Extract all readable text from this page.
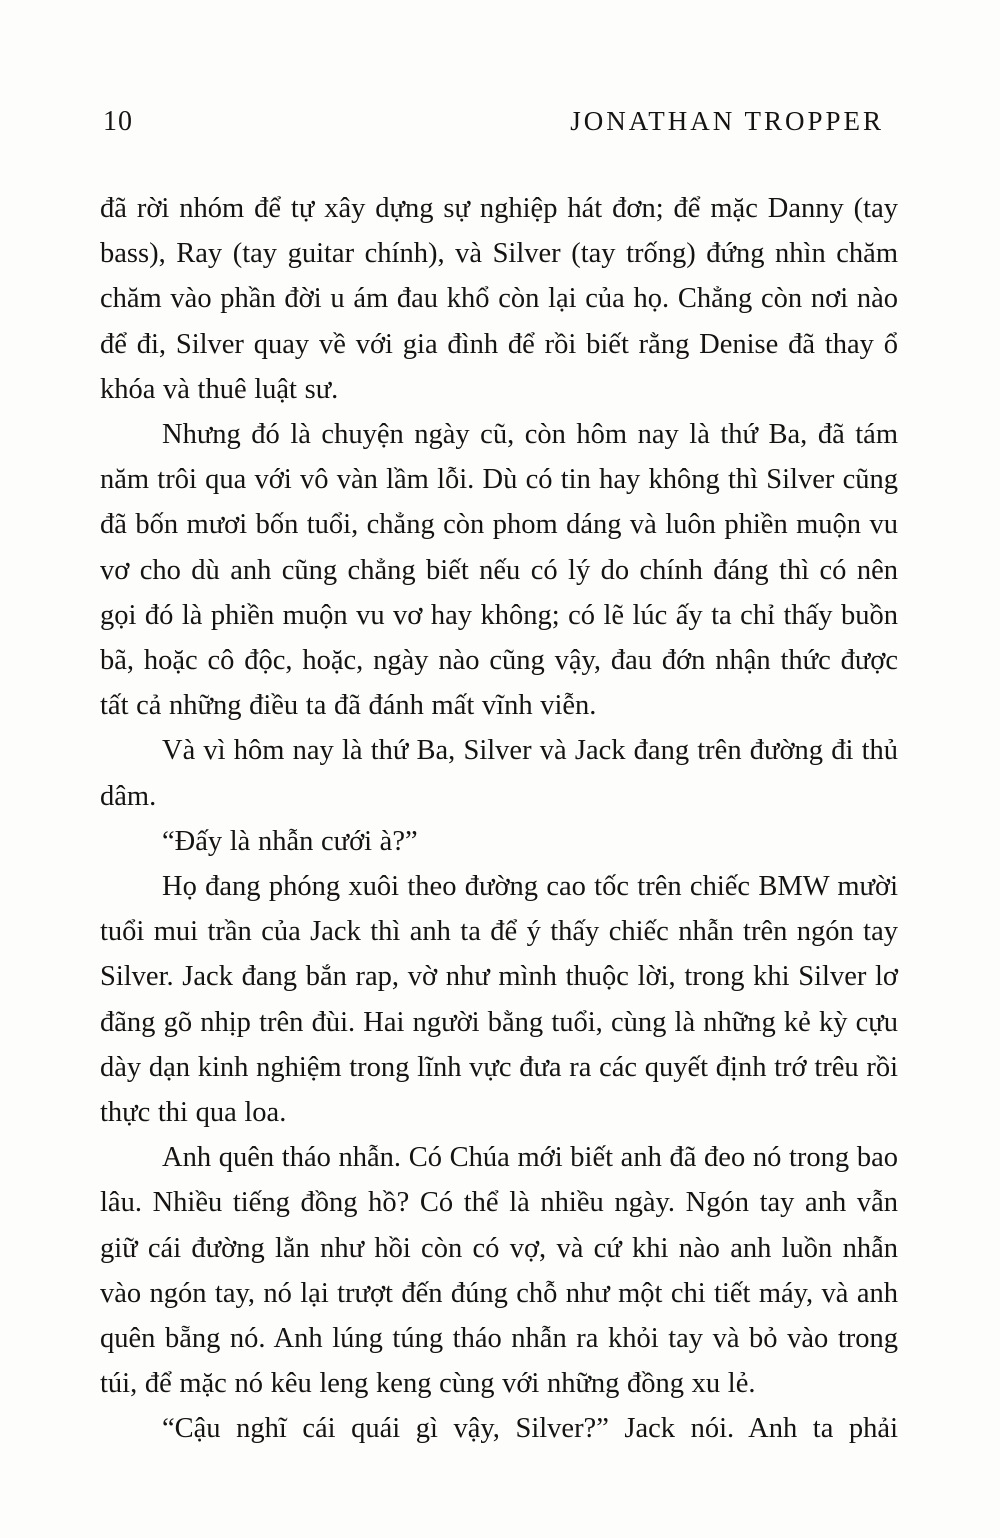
10	JONATHAN TROPPER

đã rời nhóm để tự xây dựng sự nghiệp hát đơn; để mặc Danny (tay bass), Ray (tay guitar chính), và Silver (tay trống) đứng nhìn chăm chăm vào phần đời u ám đau khổ còn lại của họ. Chẳng còn nơi nào để đi, Silver quay về với gia đình để rồi biết rằng Denise đã thay ổ khóa và thuê luật sư.

Nhưng đó là chuyện ngày cũ, còn hôm nay là thứ Ba, đã tám năm trôi qua với vô vàn lầm lỗi. Dù có tin hay không thì Silver cũng đã bốn mươi bốn tuổi, chẳng còn phom dáng và luôn phiền muộn vu vơ cho dù anh cũng chẳng biết nếu có lý do chính đáng thì có nên gọi đó là phiền muộn vu vơ hay không; có lẽ lúc ấy ta chỉ thấy buồn bã, hoặc cô độc, hoặc, ngày nào cũng vậy, đau đớn nhận thức được tất cả những điều ta đã đánh mất vĩnh viễn.

Và vì hôm nay là thứ Ba, Silver và Jack đang trên đường đi thủ dâm.

“Đấy là nhẫn cưới à?”

Họ đang phóng xuôi theo đường cao tốc trên chiếc BMW mười tuổi mui trần của Jack thì anh ta để ý thấy chiếc nhẫn trên ngón tay Silver. Jack đang bắn rap, vờ như mình thuộc lời, trong khi Silver lơ đãng gõ nhịp trên đùi. Hai người bằng tuổi, cùng là những kẻ kỳ cựu dày dạn kinh nghiệm trong lĩnh vực đưa ra các quyết định trớ trêu rồi thực thi qua loa.

Anh quên tháo nhẫn. Có Chúa mới biết anh đã đeo nó trong bao lâu. Nhiều tiếng đồng hồ? Có thể là nhiều ngày. Ngón tay anh vẫn giữ cái đường lằn như hồi còn có vợ, và cứ khi nào anh luồn nhẫn vào ngón tay, nó lại trượt đến đúng chỗ như một chi tiết máy, và anh quên bẵng nó. Anh lúng túng tháo nhẫn ra khỏi tay và bỏ vào trong túi, để mặc nó kêu leng keng cùng với những đồng xu lẻ.

“Cậu nghĩ cái quái gì vậy, Silver?” Jack nói. Anh ta phải
